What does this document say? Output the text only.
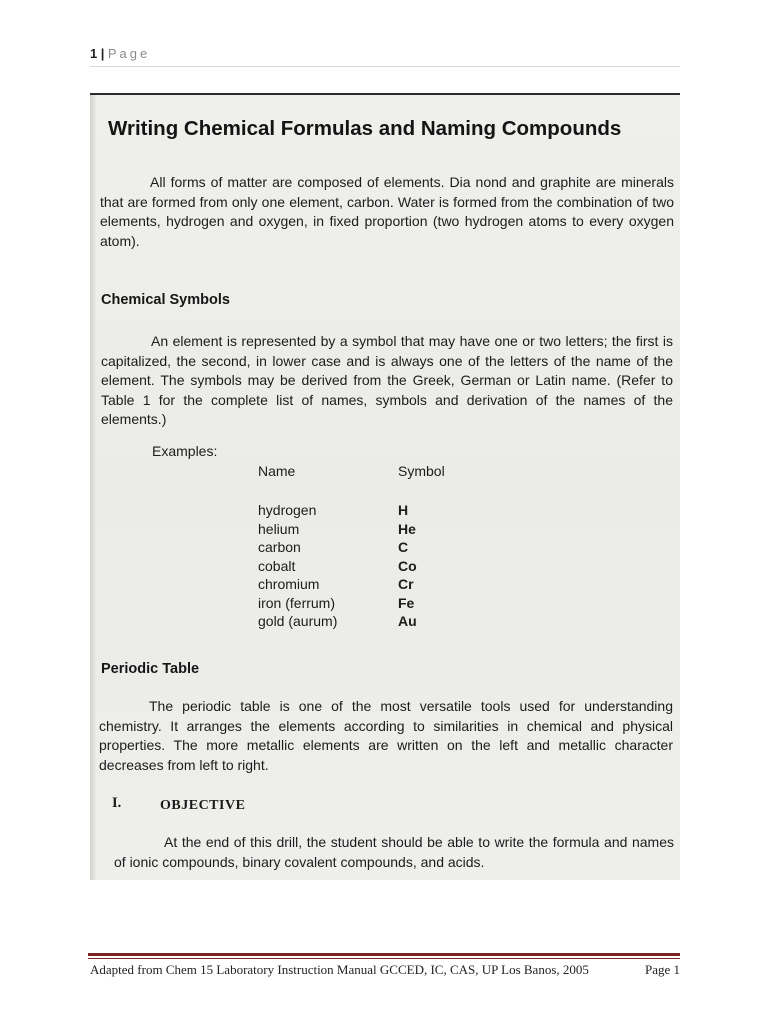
1 | Page
Writing Chemical Formulas and Naming Compounds
All forms of matter are composed of elements. Dia nond and graphite are minerals that are formed from only one element, carbon. Water is formed from the combination of two elements, hydrogen and oxygen, in fixed proportion (two hydrogen atoms to every oxygen atom).
Chemical Symbols
An element is represented by a symbol that may have one or two letters; the first is capitalized, the second, in lower case and is always one of the letters of the name of the element. The symbols may be derived from the Greek, German or Latin name. (Refer to Table 1 for the complete list of names, symbols and derivation of the names of the elements.)
Examples:
Name	Symbol
hydrogen	H
helium	He
carbon	C
cobalt	Co
chromium	Cr
iron (ferrum)	Fe
gold (aurum)	Au
Periodic Table
The periodic table is one of the most versatile tools used for understanding chemistry. It arranges the elements according to similarities in chemical and physical properties. The more metallic elements are written on the left and metallic character decreases from left to right.
I.	OBJECTIVE
At the end of this drill, the student should be able to write the formula and names of ionic compounds, binary covalent compounds, and acids.
Adapted from Chem 15 Laboratory Instruction Manual GCCED, IC, CAS, UP Los Banos, 2005	Page 1
